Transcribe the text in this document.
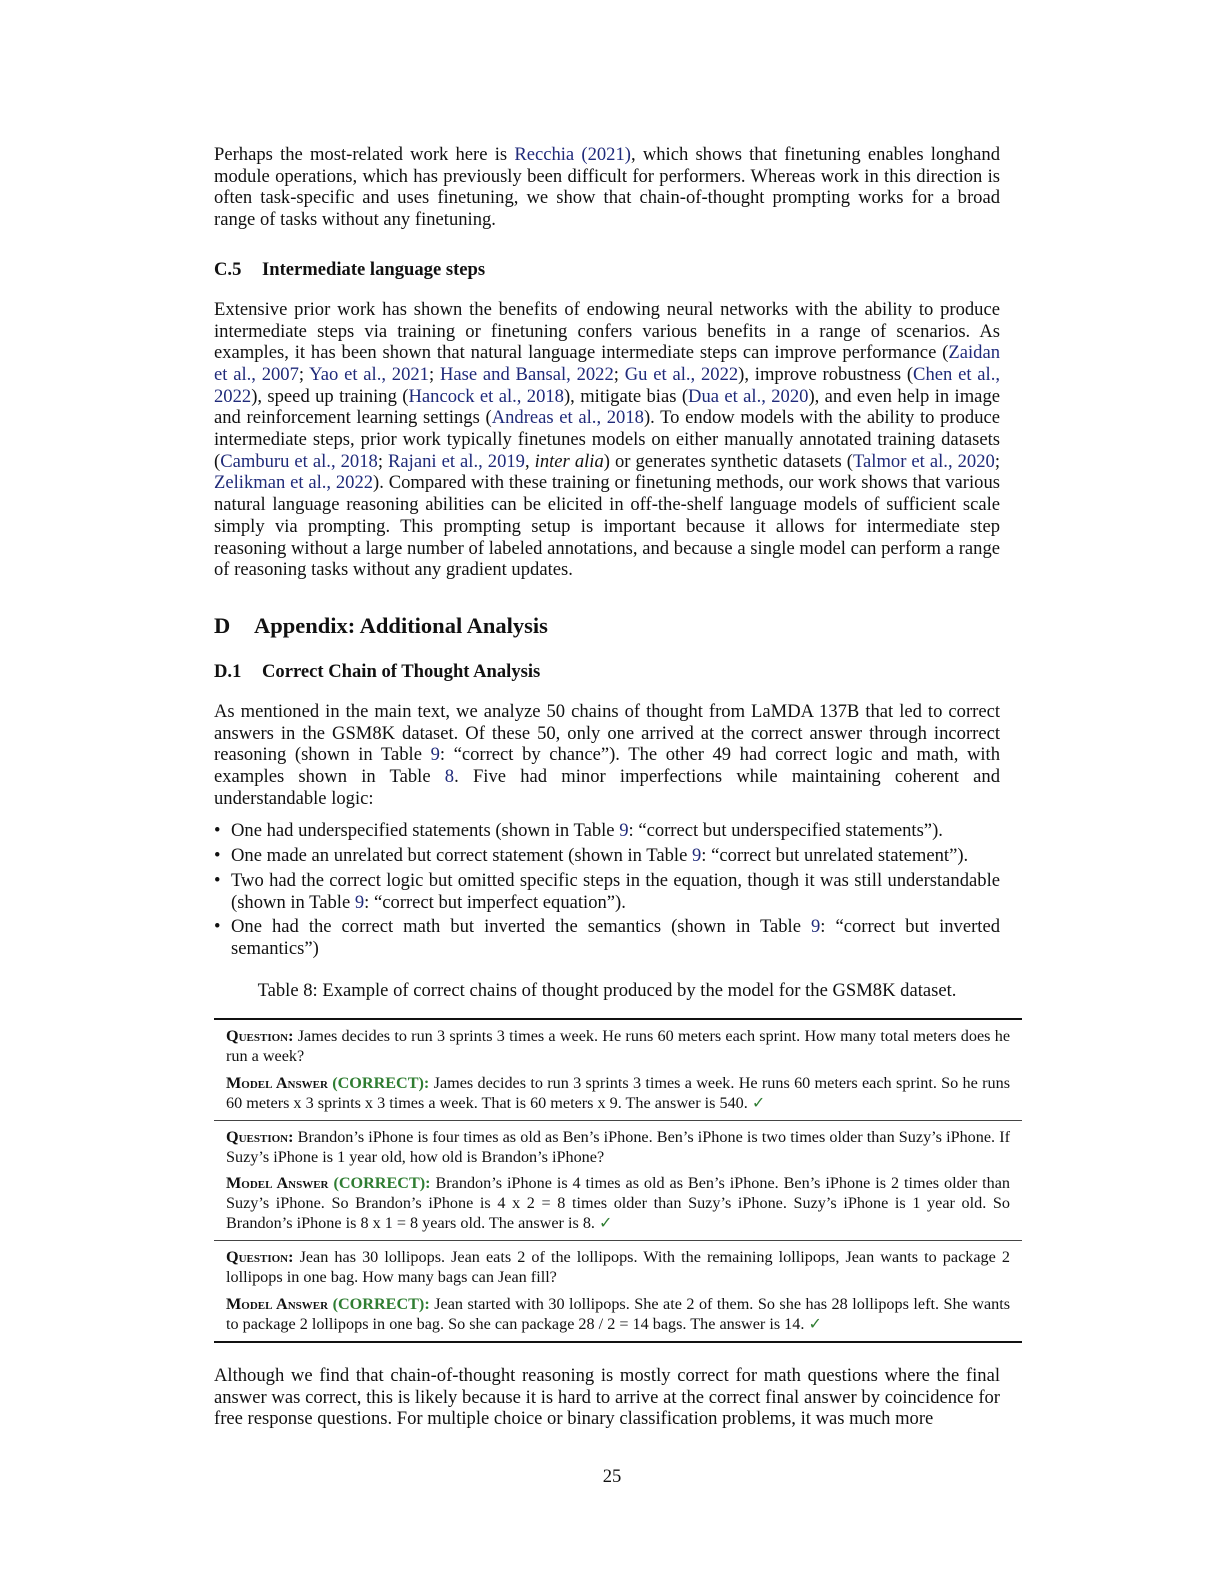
Perhaps the most-related work here is Recchia (2021), which shows that finetuning enables longhand module operations, which has previously been difficult for performers. Whereas work in this direction is often task-specific and uses finetuning, we show that chain-of-thought prompting works for a broad range of tasks without any finetuning.

C.5 Intermediate language steps

Extensive prior work has shown the benefits of endowing neural networks with the ability to produce intermediate steps via training or finetuning confers various benefits in a range of scenarios. As examples, it has been shown that natural language intermediate steps can improve performance (Zaidan et al., 2007; Yao et al., 2021; Hase and Bansal, 2022; Gu et al., 2022), improve robustness (Chen et al., 2022), speed up training (Hancock et al., 2018), mitigate bias (Dua et al., 2020), and even help in image and reinforcement learning settings (Andreas et al., 2018). To endow models with the ability to produce intermediate steps, prior work typically finetunes models on either manually annotated training datasets (Camburu et al., 2018; Rajani et al., 2019, inter alia) or generates synthetic datasets (Talmor et al., 2020; Zelikman et al., 2022). Compared with these training or finetuning methods, our work shows that various natural language reasoning abilities can be elicited in off-the-shelf language models of sufficient scale simply via prompting. This prompting setup is important because it allows for intermediate step reasoning without a large number of labeled annotations, and because a single model can perform a range of reasoning tasks without any gradient updates.

D Appendix: Additional Analysis
D.1 Correct Chain of Thought Analysis

As mentioned in the main text, we analyze 50 chains of thought from LaMDA 137B that led to correct answers in the GSM8K dataset. Of these 50, only one arrived at the correct answer through incorrect reasoning (shown in Table 9: “correct by chance”). The other 49 had correct logic and math, with examples shown in Table 8. Five had minor imperfections while maintaining coherent and understandable logic:

• One had underspecified statements (shown in Table 9: “correct but underspecified statements”).
• One made an unrelated but correct statement (shown in Table 9: “correct but unrelated statement”).
• Two had the correct logic but omitted specific steps in the equation, though it was still understandable (shown in Table 9: “correct but imperfect equation”).
• One had the correct math but inverted the semantics (shown in Table 9: “correct but inverted semantics”)

Table 8: Example of correct chains of thought produced by the model for the GSM8K dataset.

Question: James decides to run 3 sprints 3 times a week. He runs 60 meters each sprint. How many total meters does he run a week?

Model Answer (CORRECT): James decides to run 3 sprints 3 times a week. He runs 60 meters each sprint. So he runs 60 meters x 3 sprints x 3 times a week. That is 60 meters x 9. The answer is 540. ✓

Question: Brandon’s iPhone is four times as old as Ben’s iPhone. Ben’s iPhone is two times older than Suzy’s iPhone. If Suzy’s iPhone is 1 year old, how old is Brandon’s iPhone?

Model Answer (CORRECT): Brandon’s iPhone is 4 times as old as Ben’s iPhone. Ben’s iPhone is 2 times older than Suzy’s iPhone. So Brandon’s iPhone is 4 x 2 = 8 times older than Suzy’s iPhone. Suzy’s iPhone is 1 year old. So Brandon’s iPhone is 8 x 1 = 8 years old. The answer is 8. ✓

Question: Jean has 30 lollipops. Jean eats 2 of the lollipops. With the remaining lollipops, Jean wants to package 2 lollipops in one bag. How many bags can Jean fill?

Model Answer (CORRECT): Jean started with 30 lollipops. She ate 2 of them. So she has 28 lollipops left. She wants to package 2 lollipops in one bag. So she can package 28 / 2 = 14 bags. The answer is 14. ✓

Although we find that chain-of-thought reasoning is mostly correct for math questions where the final answer was correct, this is likely because it is hard to arrive at the correct final answer by coincidence for free response questions. For multiple choice or binary classification problems, it was much more

25
